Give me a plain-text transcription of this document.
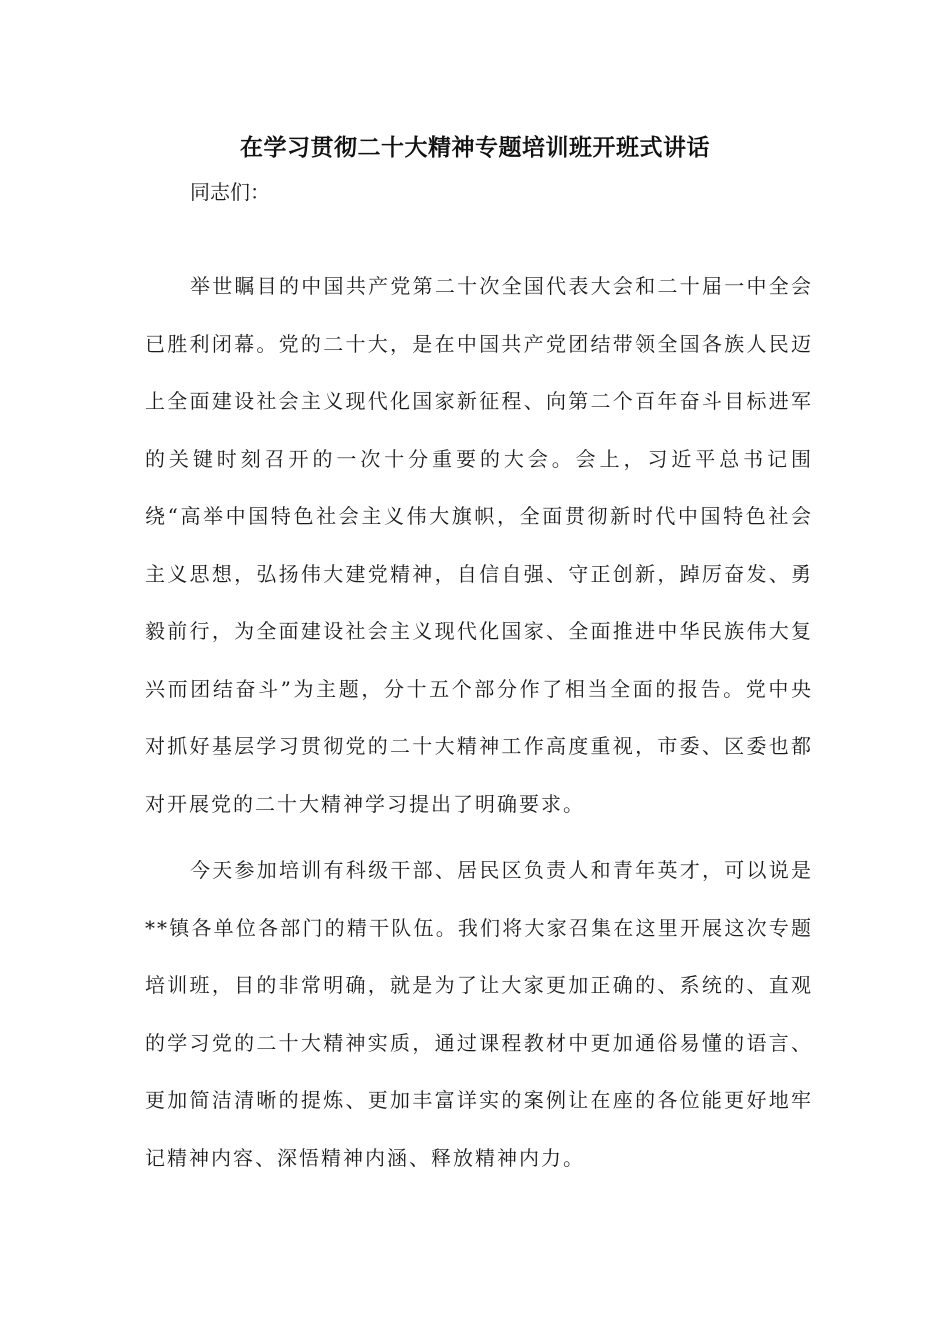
在学习贯彻二十大精神专题培训班开班式讲话
同志们：

举世瞩目的中国共产党第二十次全国代表大会和二十届一中全会已胜利闭幕。党的二十大，是在中国共产党团结带领全国各族人民迈上全面建设社会主义现代化国家新征程、向第二个百年奋斗目标进军的关键时刻召开的一次十分重要的大会。会上，习近平总书记围绕“高举中国特色社会主义伟大旗帜，全面贯彻新时代中国特色社会主义思想，弘扬伟大建党精神，自信自强、守正创新，踔厉奋发、勇毅前行，为全面建设社会主义现代化国家、全面推进中华民族伟大复兴而团结奋斗”为主题，分十五个部分作了相当全面的报告。党中央对抓好基层学习贯彻党的二十大精神工作高度重视，市委、区委也都对开展党的二十大精神学习提出了明确要求。

今天参加培训有科级干部、居民区负责人和青年英才，可以说是**镇各单位各部门的精干队伍。我们将大家召集在这里开展这次专题培训班，目的非常明确，就是为了让大家更加正确的、系统的、直观的学习党的二十大精神实质，通过课程教材中更加通俗易懂的语言、更加简洁清晰的提炼、更加丰富详实的案例让在座的各位能更好地牢记精神内容、深悟精神内涵、释放精神内力。
